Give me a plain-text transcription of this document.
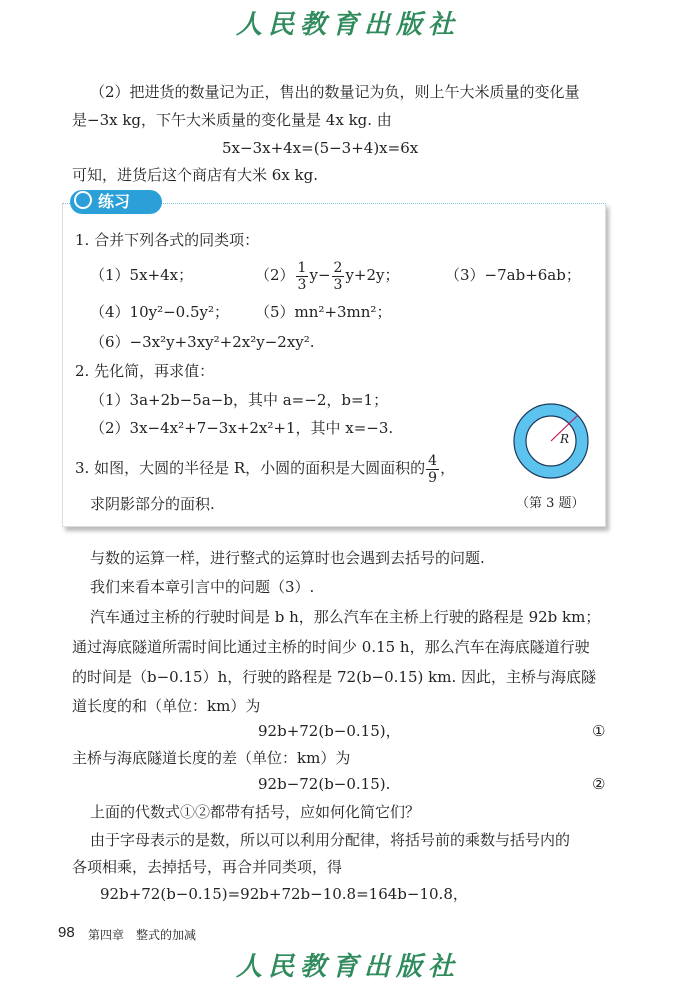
人民教育出版社
（2）把进货的数量记为正，售出的数量记为负，则上午大米质量的变化量
是−3x kg，下午大米质量的变化量是 4x kg. 由
5x−3x+4x=(5−3+4)x=6x
可知，进货后这个商店有大米 6x kg.
练习
1. 合并下列各式的同类项：
（1）5x+4x；	$(2) \frac{1}{3} y- \frac{2}{3} y+2y$；	（3）−7ab+6ab；
（4）10y²−0.5y²； （5）mn²+3mn²；
（6）−3x²y+3xy²+2x²y−2xy².
2. 先化简，再求值：
（1）3a+2b−5a−b，其中 a=−2，b=1；
（2）3x−4x²+7−3x+2x²+1，其中 x=−3.
3. 如图，大圆的半径是 R，小圆的面积是大圆面积的 $\frac{4}{9}$ ，
求阴影部分的面积.
R
（第 3 题）
与数的运算一样，进行整式的运算时也会遇到去括号的问题.
我们来看本章引言中的问题（3）.
汽车通过主桥的行驶时间是 b h，那么汽车在主桥上行驶的路程是 92b km；
通过海底隧道所需时间比通过主桥的时间少 0.15 h，那么汽车在海底隧道行驶
的时间是（b−0.15）h，行驶的路程是 72(b−0.15) km. 因此，主桥与海底隧
道长度的和（单位：km）为
92b+72(b−0.15)，	①
主桥与海底隧道长度的差（单位：km）为
92b−72(b−0.15).	②
上面的代数式①②都带有括号，应如何化简它们？
由于字母表示的是数，所以可以利用分配律，将括号前的乘数与括号内的
各项相乘，去掉括号，再合并同类项，得
92b+72(b−0.15)=92b+72b−10.8=164b−10.8，
98 第四章　整式的加减
人民教育出版社
